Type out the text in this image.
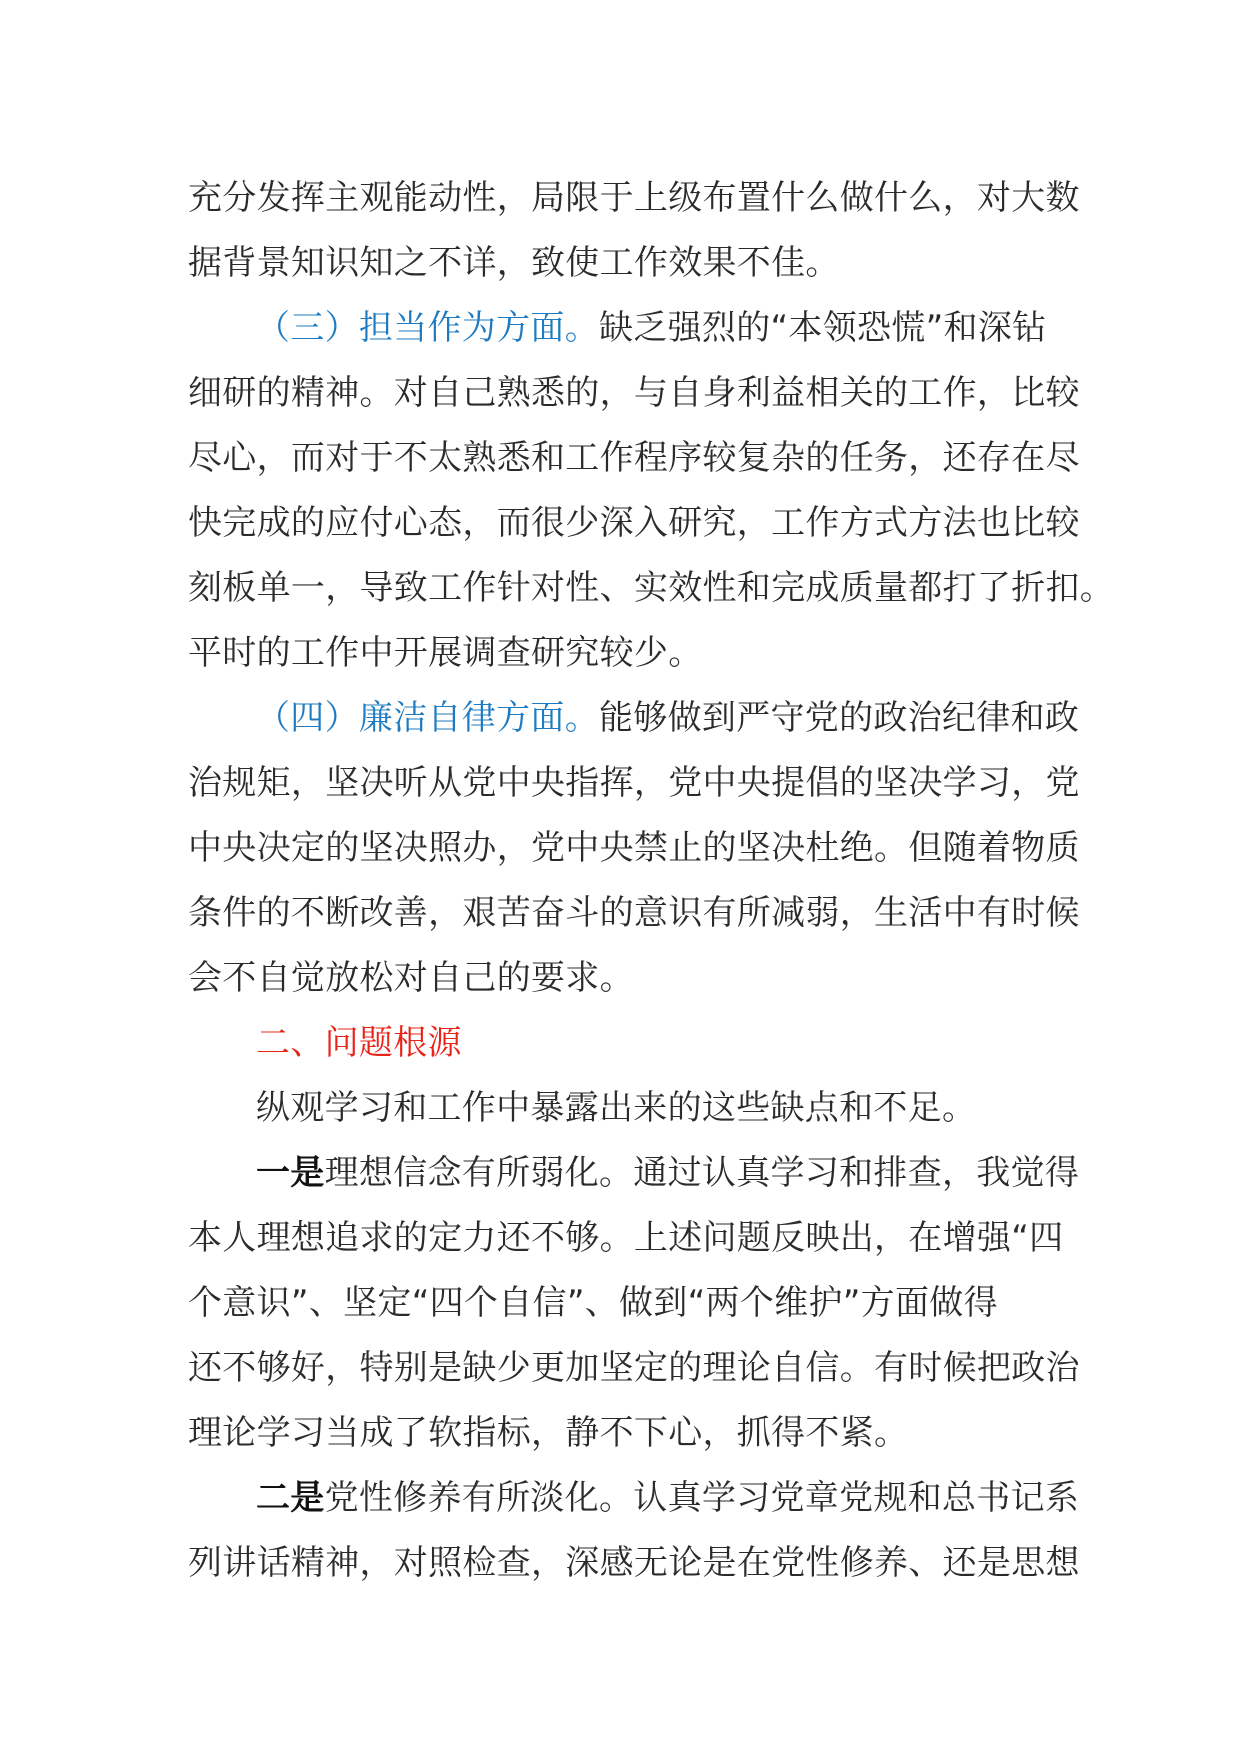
充分发挥主观能动性，局限于上级布置什么做什么，对大数
据背景知识知之不详，致使工作效果不佳。
（三）担当作为方面。缺乏强烈的“本领恐慌”和深钻
细研的精神。对自己熟悉的，与自身利益相关的工作，比较
尽心，而对于不太熟悉和工作程序较复杂的任务，还存在尽
快完成的应付心态，而很少深入研究，工作方式方法也比较
刻板单一，导致工作针对性、实效性和完成质量都打了折扣。
平时的工作中开展调查研究较少。
（四）廉洁自律方面。能够做到严守党的政治纪律和政
治规矩，坚决听从党中央指挥，党中央提倡的坚决学习，党
中央决定的坚决照办，党中央禁止的坚决杜绝。但随着物质
条件的不断改善，艰苦奋斗的意识有所减弱，生活中有时候
会不自觉放松对自己的要求。
二、问题根源
纵观学习和工作中暴露出来的这些缺点和不足。
一是理想信念有所弱化。通过认真学习和排查，我觉得
本人理想追求的定力还不够。上述问题反映出，在增强“四
个意识”、坚定“四个自信”、做到“两个维护”方面做得
还不够好，特别是缺少更加坚定的理论自信。有时候把政治
理论学习当成了软指标，静不下心，抓得不紧。
二是党性修养有所淡化。认真学习党章党规和总书记系
列讲话精神，对照检查，深感无论是在党性修养、还是思想
